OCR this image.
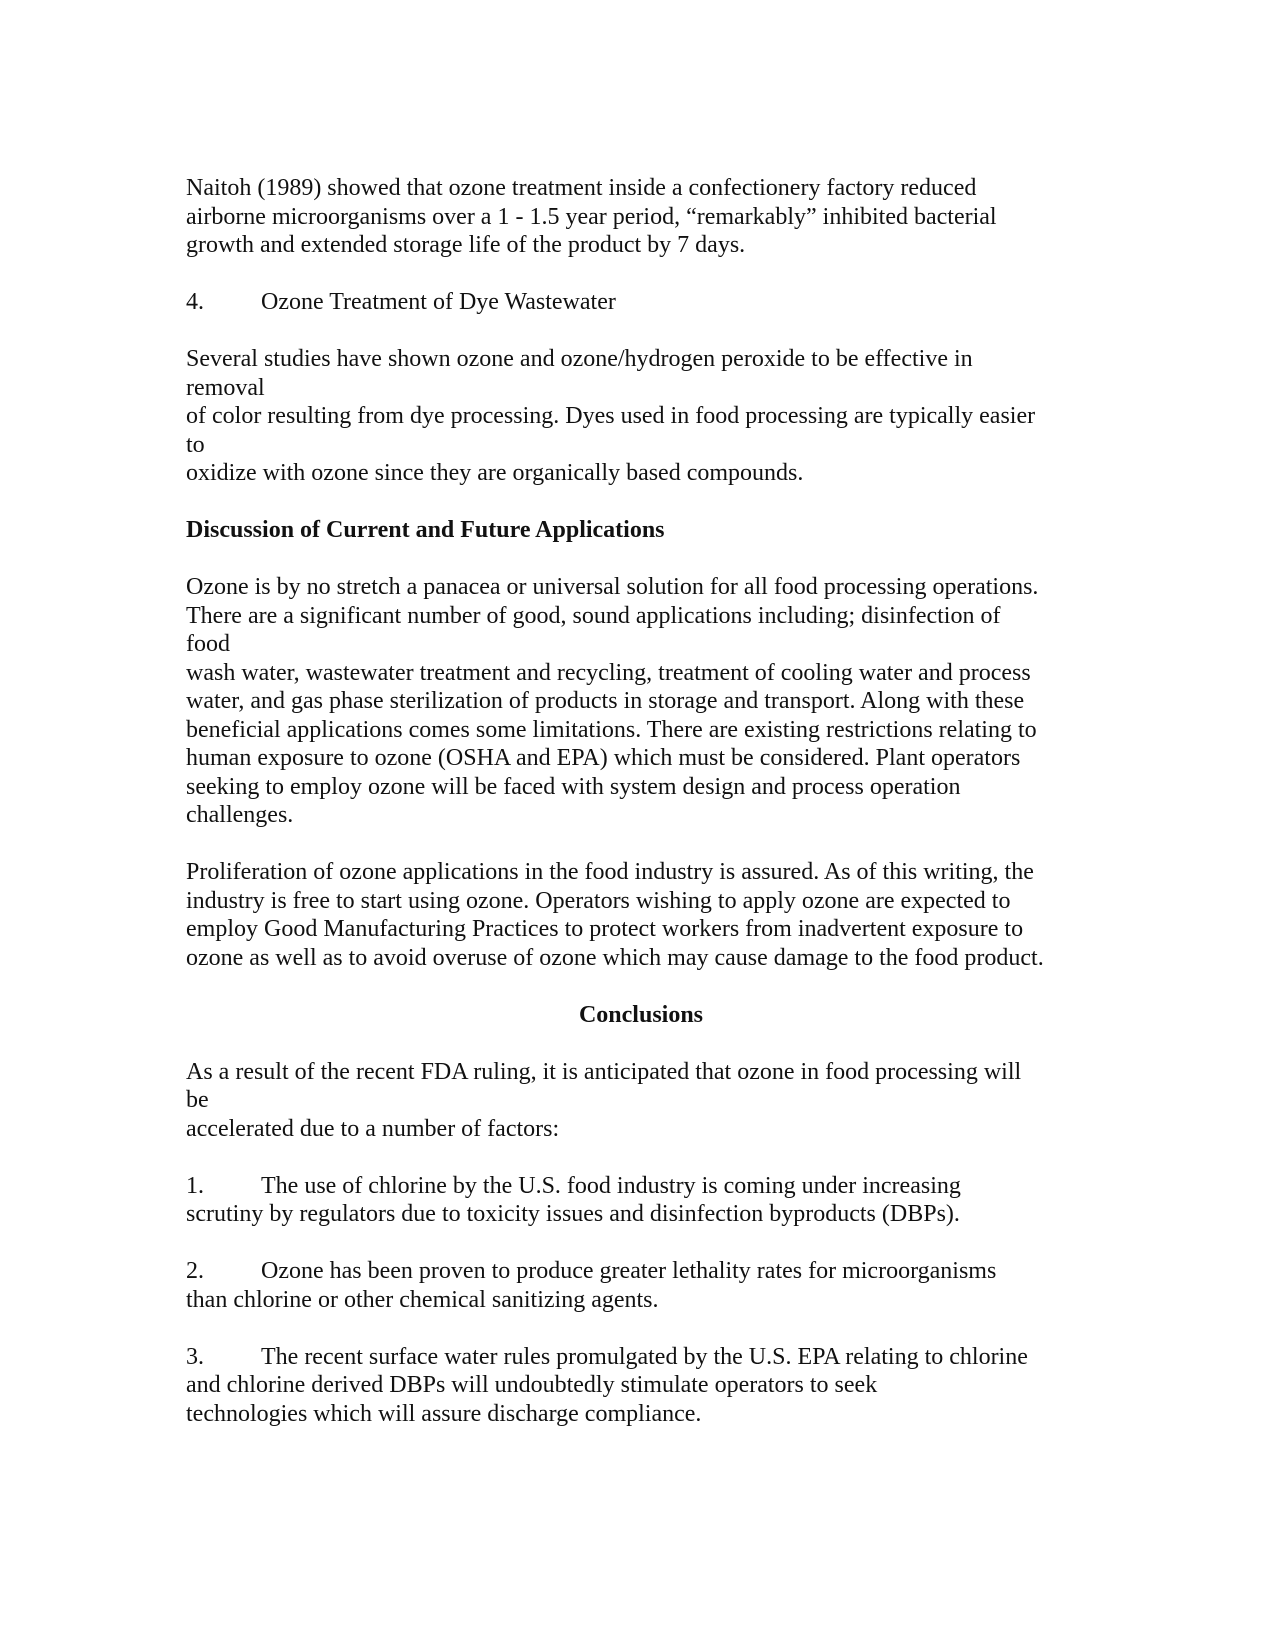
Naitoh (1989) showed that ozone treatment inside a confectionery factory reduced
airborne microorganisms over a 1 - 1.5 year period, “remarkably” inhibited bacterial
growth and extended storage life of the product by 7 days.

4. Ozone Treatment of Dye Wastewater

Several studies have shown ozone and ozone/hydrogen peroxide to be effective in
removal
of color resulting from dye processing. Dyes used in food processing are typically easier
to
oxidize with ozone since they are organically based compounds.

Discussion of Current and Future Applications

Ozone is by no stretch a panacea or universal solution for all food processing operations.
There are a significant number of good, sound applications including; disinfection of
food
wash water, wastewater treatment and recycling, treatment of cooling water and process
water, and gas phase sterilization of products in storage and transport. Along with these
beneficial applications comes some limitations. There are existing restrictions relating to
human exposure to ozone (OSHA and EPA) which must be considered. Plant operators
seeking to employ ozone will be faced with system design and process operation
challenges.

Proliferation of ozone applications in the food industry is assured. As of this writing, the
industry is free to start using ozone. Operators wishing to apply ozone are expected to
employ Good Manufacturing Practices to protect workers from inadvertent exposure to
ozone as well as to avoid overuse of ozone which may cause damage to the food product.

Conclusions

As a result of the recent FDA ruling, it is anticipated that ozone in food processing will
be
accelerated due to a number of factors:

1. The use of chlorine by the U.S. food industry is coming under increasing
scrutiny by regulators due to toxicity issues and disinfection byproducts (DBPs).

2. Ozone has been proven to produce greater lethality rates for microorganisms
than chlorine or other chemical sanitizing agents.

3. The recent surface water rules promulgated by the U.S. EPA relating to chlorine
and chlorine derived DBPs will undoubtedly stimulate operators to seek
technologies which will assure discharge compliance.
